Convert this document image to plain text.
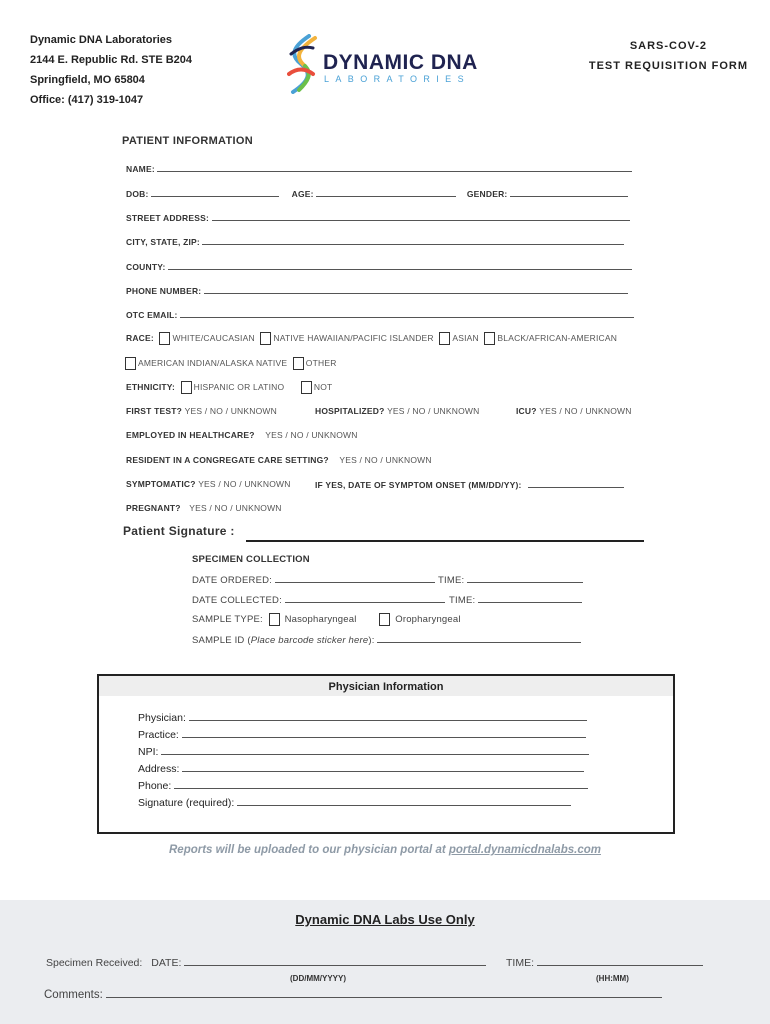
Dynamic DNA Laboratories
2144 E. Republic Rd. STE B204
Springfield, MO 65804
Office: (417) 319-1047
DYNAMIC DNA
LABORATORIES
SARS-COV-2
TEST REQUISITION FORM
PATIENT INFORMATION
NAME:
DOB:	AGE:	GENDER:
STREET ADDRESS:
CITY, STATE, ZIP:
COUNTY:
PHONE NUMBER:
OTC EMAIL:
RACE: WHITE/CAUCASIAN NATIVE HAWAIIAN/PACIFIC ISLANDER ASIAN BLACK/AFRICAN-AMERICAN
AMERICAN INDIAN/ALASKA NATIVE OTHER
ETHNICITY: HISPANIC OR LATINO	NOT
FIRST TEST? YES / NO / UNKNOWN	HOSPITALIZED? YES / NO / UNKNOWN	ICU? YES / NO / UNKNOWN
EMPLOYED IN HEALTHCARE? YES / NO / UNKNOWN
RESIDENT IN A CONGREGATE CARE SETTING? YES / NO / UNKNOWN
SYMPTOMATIC? YES / NO / UNKNOWN	IF YES, DATE OF SYMPTOM ONSET (MM/DD/YY):
PREGNANT? YES / NO / UNKNOWN
Patient Signature :
SPECIMEN COLLECTION
DATE ORDERED:	TIME:
DATE COLLECTED:	TIME:
SAMPLE TYPE: Nasopharyngeal	Oropharyngeal
SAMPLE ID (Place barcode sticker here):
Physician Information
Physician:
Practice:
NPI:
Address:
Phone:
Signature (required):
Reports will be uploaded to our physician portal at portal.dynamicdnalabs.com
Dynamic DNA Labs Use Only
Specimen Received: DATE:	TIME:
(DD/MM/YYYY)	(HH:MM)
Comments:
